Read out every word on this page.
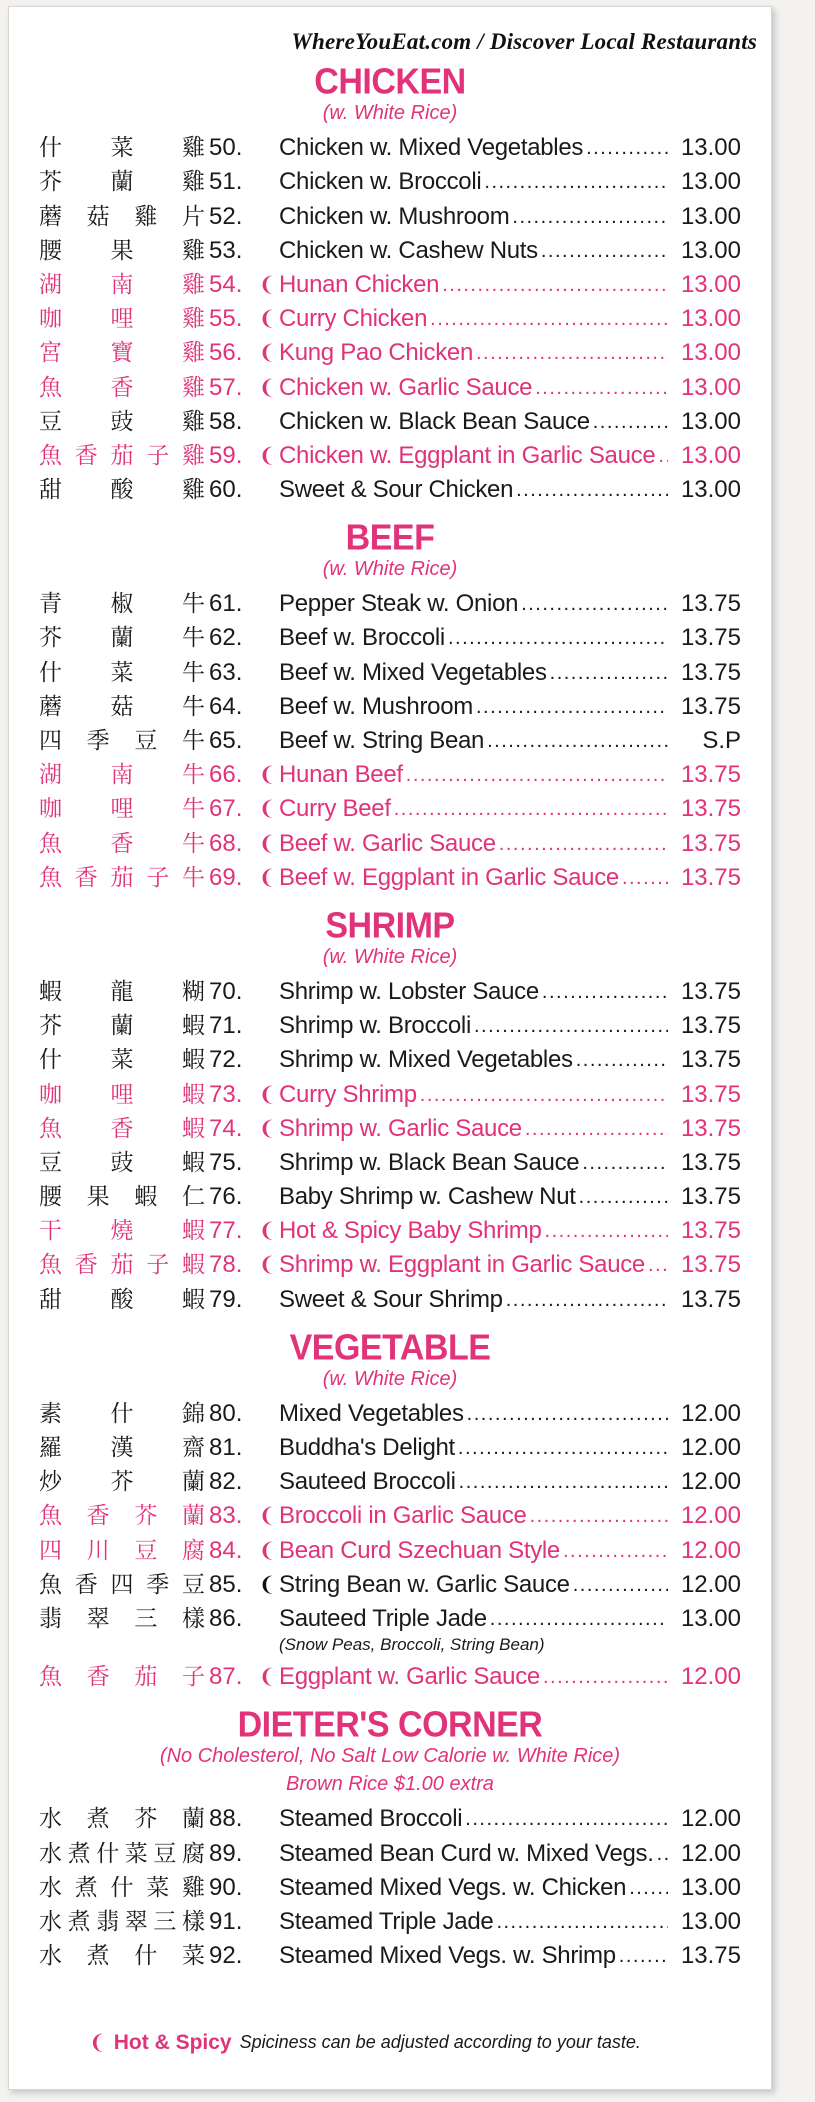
WhereYouEat.com / Discover Local Restaurants
CHICKEN
(w. White Rice)
什菜雞 50.	Chicken w. Mixed Vegetables .....	13.00
芥蘭雞 51.	Chicken w. Broccoli .....	13.00
蘑菇雞片 52.	Chicken w. Mushroom .....	13.00
腰果雞 53.	Chicken w. Cashew Nuts .....	13.00
湖南雞 54. ❨ Hunan Chicken .....	13.00
咖哩雞 55. ❨ Curry Chicken .....	13.00
宮寶雞 56. ❨ Kung Pao Chicken .....	13.00
魚香雞 57. ❨ Chicken w. Garlic Sauce .....	13.00
豆豉雞 58.	Chicken w. Black Bean Sauce .....	13.00
魚香茄子雞 59. ❨ Chicken w. Eggplant in Garlic Sauce .....	13.00
甜酸雞 60.	Sweet & Sour Chicken .....	13.00
BEEF
(w. White Rice)
青椒牛 61.	Pepper Steak w. Onion .....	13.75
芥蘭牛 62.	Beef w. Broccoli .....	13.75
什菜牛 63.	Beef w. Mixed Vegetables .....	13.75
蘑菇牛 64.	Beef w. Mushroom .....	13.75
四季豆牛 65.	Beef w. String Bean .....	S.P
湖南牛 66. ❨ Hunan Beef .....	13.75
咖哩牛 67. ❨ Curry Beef .....	13.75
魚香牛 68. ❨ Beef w. Garlic Sauce .....	13.75
魚香茄子牛 69. ❨ Beef w. Eggplant in Garlic Sauce .....	13.75
SHRIMP
(w. White Rice)
蝦龍糊 70.	Shrimp w. Lobster Sauce .....	13.75
芥蘭蝦 71.	Shrimp w. Broccoli .....	13.75
什菜蝦 72.	Shrimp w. Mixed Vegetables .....	13.75
咖哩蝦 73. ❨ Curry Shrimp .....	13.75
魚香蝦 74. ❨ Shrimp w. Garlic Sauce .....	13.75
豆豉蝦 75.	Shrimp w. Black Bean Sauce .....	13.75
腰果蝦仁 76.	Baby Shrimp w. Cashew Nut .....	13.75
干燒蝦 77. ❨ Hot & Spicy Baby Shrimp .....	13.75
魚香茄子蝦 78. ❨ Shrimp w. Eggplant in Garlic Sauce .....	13.75
甜酸蝦 79.	Sweet & Sour Shrimp .....	13.75
VEGETABLE
(w. White Rice)
素什錦 80.	Mixed Vegetables .....	12.00
羅漢齋 81.	Buddha's Delight .....	12.00
炒芥蘭 82.	Sauteed Broccoli .....	12.00
魚香芥蘭 83. ❨ Broccoli in Garlic Sauce .....	12.00
四川豆腐 84. ❨ Bean Curd Szechuan Style .....	12.00
魚香四季豆 85. ❨ String Bean w. Garlic Sauce .....	12.00
翡翠三樣 86.	Sauteed Triple Jade .....	13.00
(Snow Peas, Broccoli, String Bean)
魚香茄子 87. ❨ Eggplant w. Garlic Sauce .....	12.00
DIETER'S CORNER
(No Cholesterol, No Salt Low Calorie w. White Rice)
Brown Rice $1.00 extra
水煮芥蘭 88.	Steamed Broccoli .....	12.00
水煮什菜豆腐 89.	Steamed Bean Curd w. Mixed Vegs. .....	12.00
水煮什菜雞 90.	Steamed Mixed Vegs. w. Chicken .....	13.00
水煮翡翠三樣 91.	Steamed Triple Jade .....	13.00
水煮什菜 92.	Steamed Mixed Vegs. w. Shrimp .....	13.75
❨ Hot & Spicy Spiciness can be adjusted according to your taste.
